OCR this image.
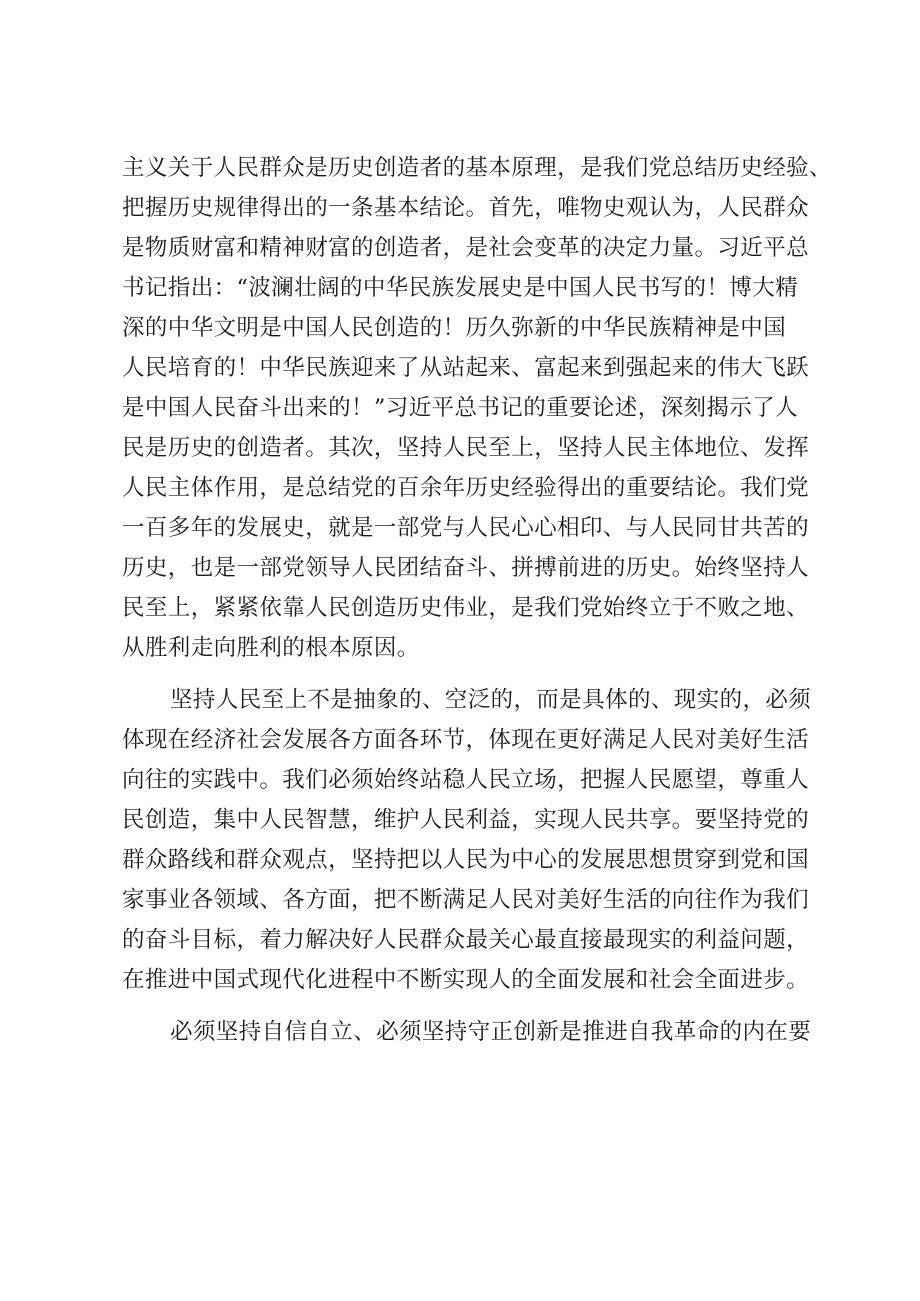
主义关于人民群众是历史创造者的基本原理，是我们党总结历史经验、
把握历史规律得出的一条基本结论。首先，唯物史观认为，人民群众
是物质财富和精神财富的创造者，是社会变革的决定力量。习近平总
书记指出：“波澜壮阔的中华民族发展史是中国人民书写的！博大精
深的中华文明是中国人民创造的！历久弥新的中华民族精神是中国
人民培育的！中华民族迎来了从站起来、富起来到强起来的伟大飞跃
是中国人民奋斗出来的！”习近平总书记的重要论述，深刻揭示了人
民是历史的创造者。其次，坚持人民至上，坚持人民主体地位、发挥
人民主体作用，是总结党的百余年历史经验得出的重要结论。我们党
一百多年的发展史，就是一部党与人民心心相印、与人民同甘共苦的
历史，也是一部党领导人民团结奋斗、拼搏前进的历史。始终坚持人
民至上，紧紧依靠人民创造历史伟业，是我们党始终立于不败之地、
从胜利走向胜利的根本原因。
坚持人民至上不是抽象的、空泛的，而是具体的、现实的，必须
体现在经济社会发展各方面各环节，体现在更好满足人民对美好生活
向往的实践中。我们必须始终站稳人民立场，把握人民愿望，尊重人
民创造，集中人民智慧，维护人民利益，实现人民共享。要坚持党的
群众路线和群众观点，坚持把以人民为中心的发展思想贯穿到党和国
家事业各领域、各方面，把不断满足人民对美好生活的向往作为我们
的奋斗目标，着力解决好人民群众最关心最直接最现实的利益问题，
在推进中国式现代化进程中不断实现人的全面发展和社会全面进步。
必须坚持自信自立、必须坚持守正创新是推进自我革命的内在要
